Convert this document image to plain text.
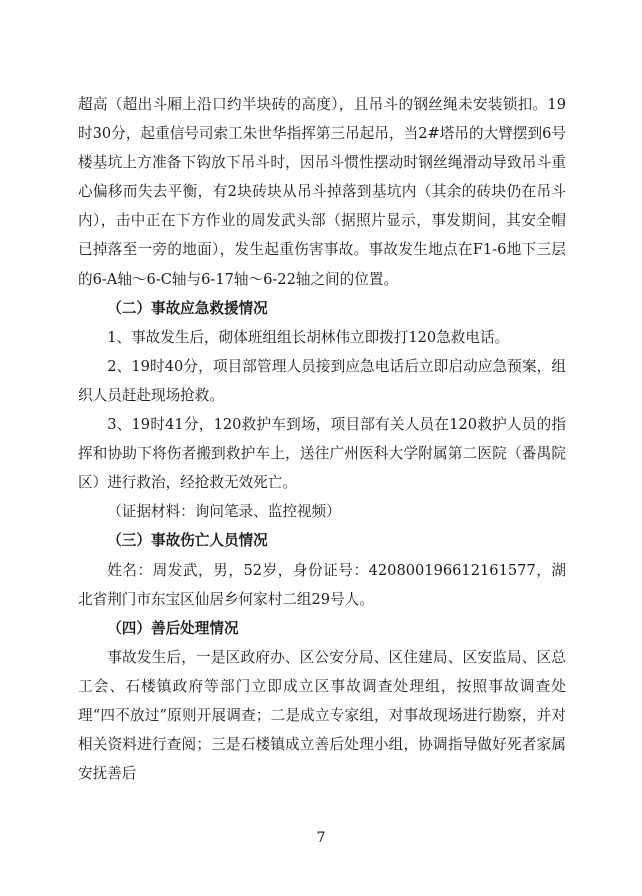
超高（超出斗厢上沿口约半块砖的高度），且吊斗的钢丝绳未安装锁扣。19时30分，起重信号司索工朱世华指挥第三吊起吊，当2#塔吊的大臂摆到6号楼基坑上方准备下钩放下吊斗时，因吊斗惯性摆动时钢丝绳滑动导致吊斗重心偏移而失去平衡，有2块砖块从吊斗掉落到基坑内（其余的砖块仍在吊斗内），击中正在下方作业的周发武头部（据照片显示，事发期间，其安全帽已掉落至一旁的地面），发生起重伤害事故。事故发生地点在F1-6地下三层的6-A轴～6-C轴与6-17轴～6-22轴之间的位置。

（二）事故应急救援情况

1、事故发生后，砌体班组组长胡林伟立即拨打120急救电话。

2、19时40分，项目部管理人员接到应急电话后立即启动应急预案，组织人员赶赴现场抢救。

3、19时41分，120救护车到场，项目部有关人员在120救护人员的指挥和协助下将伤者搬到救护车上，送往广州医科大学附属第二医院（番禺院区）进行救治，经抢救无效死亡。

（证据材料：询问笔录、监控视频）

（三）事故伤亡人员情况

姓名：周发武，男，52岁，身份证号：420800196612161577，湖北省荆门市东宝区仙居乡何家村二组29号人。

（四）善后处理情况

事故发生后，一是区政府办、区公安分局、区住建局、区安监局、区总工会、石楼镇政府等部门立即成立区事故调查处理组，按照事故调查处理“四不放过”原则开展调查；二是成立专家组，对事故现场进行勘察，并对相关资料进行查阅；三是石楼镇成立善后处理小组，协调指导做好死者家属安抚善后

7
